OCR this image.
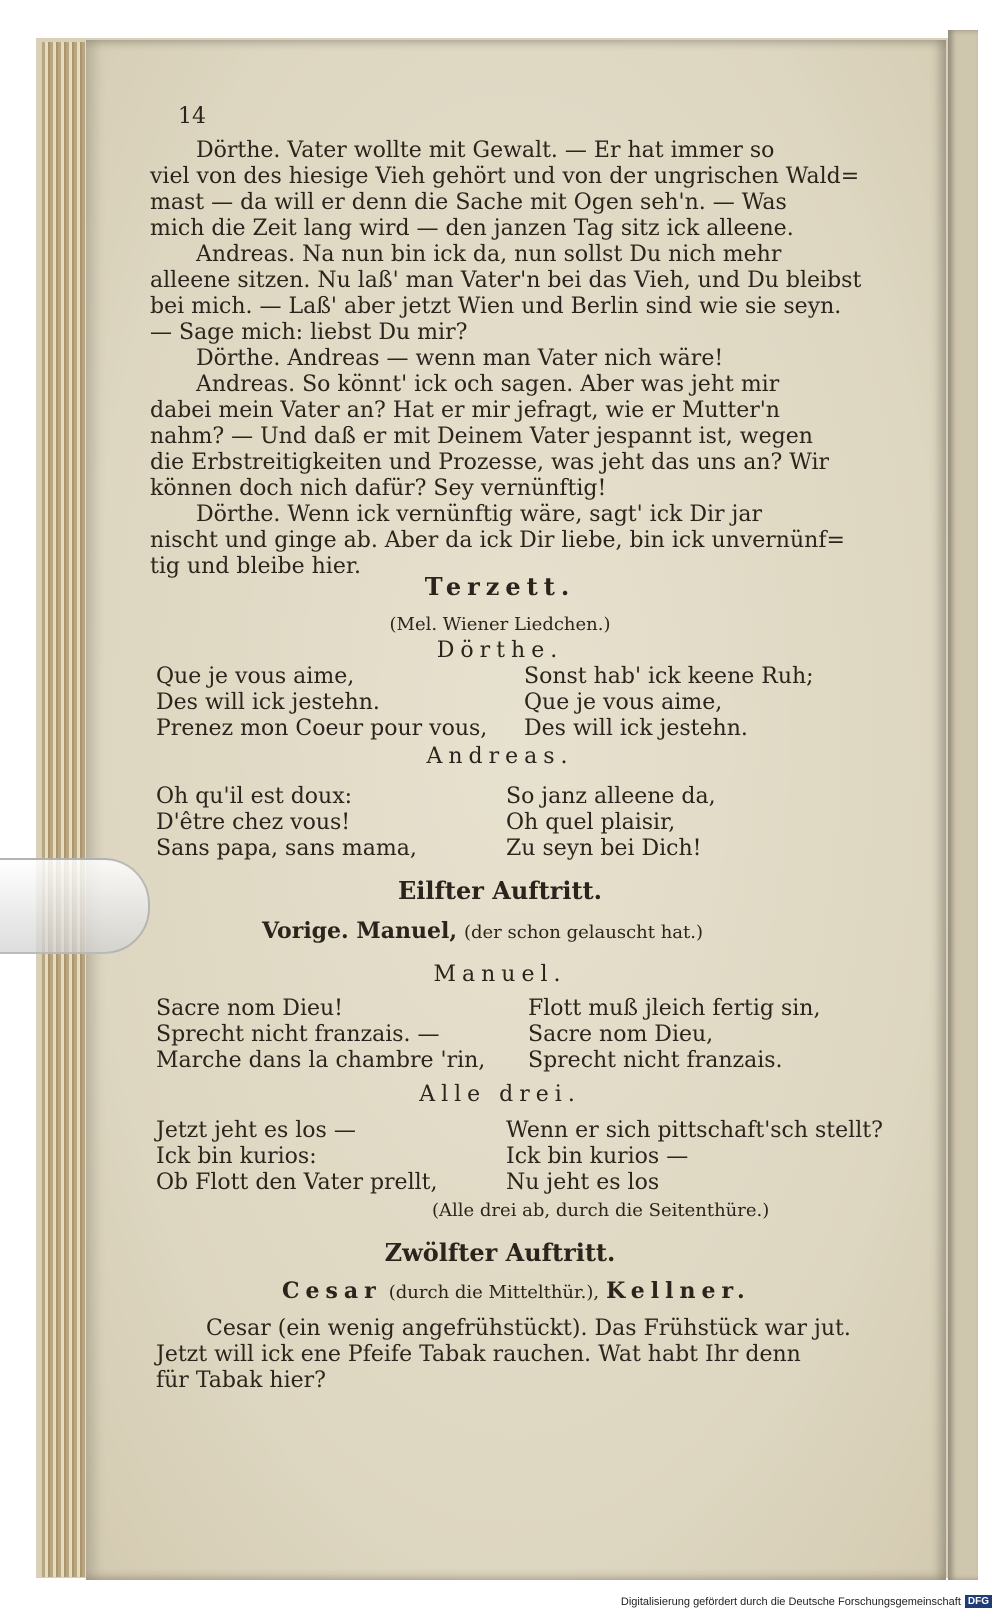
14
Dörthe. Vater wollte mit Gewalt. — Er hat immer so
viel von des hiesige Vieh gehört und von der ungrischen Wald=
mast — da will er denn die Sache mit Ogen seh'n. — Was
mich die Zeit lang wird — den janzen Tag sitz ick alleene.
Andreas. Na nun bin ick da, nun sollst Du nich mehr
alleene sitzen. Nu laß' man Vater'n bei das Vieh, und Du bleibst
bei mich. — Laß' aber jetzt Wien und Berlin sind wie sie seyn.
— Sage mich: liebst Du mir?
Dörthe. Andreas — wenn man Vater nich wäre!
Andreas. So könnt' ick och sagen. Aber was jeht mir
dabei mein Vater an? Hat er mir jefragt, wie er Mutter'n
nahm? — Und daß er mit Deinem Vater jespannt ist, wegen
die Erbstreitigkeiten und Prozesse, was jeht das uns an? Wir
können doch nich dafür? Sey vernünftig!
Dörthe. Wenn ick vernünftig wäre, sagt' ick Dir jar
nischt und ginge ab. Aber da ick Dir liebe, bin ick unvernünf=
tig und bleibe hier.
Terzett.
(Mel. Wiener Liedchen.)
Dörthe.
Que je vous aime,
Des will ick jestehn.
Prenez mon Coeur pour vous,
Sonst hab' ick keene Ruh;
Que je vous aime,
Des will ick jestehn.
Andreas.
Oh qu'il est doux:
D'être chez vous!
Sans papa, sans mama,
So janz alleene da,
Oh quel plaisir,
Zu seyn bei Dich!
Eilfter Auftritt.
Vorige. Manuel, (der schon gelauscht hat.)
Manuel.
Sacre nom Dieu!
Sprecht nicht franzais. —
Marche dans la chambre 'rin,
Flott muß jleich fertig sin,
Sacre nom Dieu,
Sprecht nicht franzais.
Alle drei.
Jetzt jeht es los —
Ick bin kurios:
Ob Flott den Vater prellt,
Wenn er sich pittschaft'sch stellt?
Ick bin kurios —
Nu jeht es los
(Alle drei ab, durch die Seitenthüre.)
Zwölfter Auftritt.
Cesar (durch die Mittelthür.), Kellner.
Cesar (ein wenig angefrühstückt). Das Frühstück war jut.
Jetzt will ick ene Pfeife Tabak rauchen. Wat habt Ihr denn
für Tabak hier?
Digitalisierung gefördert durch die Deutsche Forschungsgemeinschaft DFG
